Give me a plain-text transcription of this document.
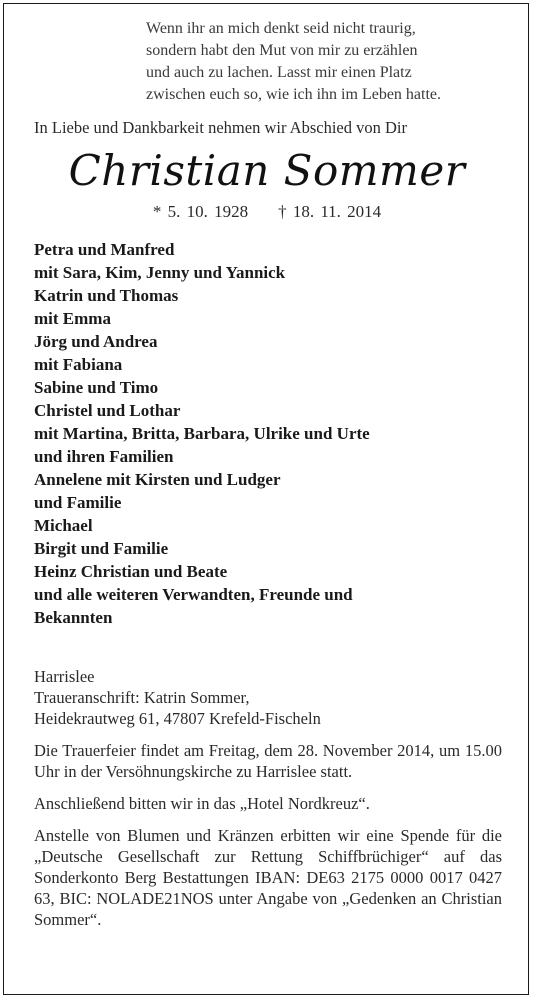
Wenn ihr an mich denkt seid nicht traurig,
sondern habt den Mut von mir zu erzählen
und auch zu lachen. Lasst mir einen Platz
zwischen euch so, wie ich ihn im Leben hatte.
In Liebe und Dankbarkeit nehmen wir Abschied von Dir
Christian Sommer
* 5. 10. 1928 † 18. 11. 2014
Petra und Manfred
mit Sara, Kim, Jenny und Yannick
Katrin und Thomas
mit Emma
Jörg und Andrea
mit Fabiana
Sabine und Timo
Christel und Lothar
mit Martina, Britta, Barbara, Ulrike und Urte
und ihren Familien
Annelene mit Kirsten und Ludger
und Familie
Michael
Birgit und Familie
Heinz Christian und Beate
und alle weiteren Verwandten, Freunde und
Bekannten
Harrislee
Traueranschrift: Katrin Sommer,
Heidekrautweg 61, 47807 Krefeld-Fischeln
Die Trauerfeier findet am Freitag, dem 28. November 2014, um 15.00 Uhr in der Versöhnungskirche zu Harrislee statt.
Anschließend bitten wir in das „Hotel Nordkreuz“.
Anstelle von Blumen und Kränzen erbitten wir eine Spende für die „Deutsche Gesellschaft zur Rettung Schiffbrüchiger“ auf das Sonderkonto Berg Bestattungen IBAN: DE63 2175 0000 0017 0427 63, BIC: NOLADE21NOS unter Angabe von „Gedenken an Christian Sommer“.
